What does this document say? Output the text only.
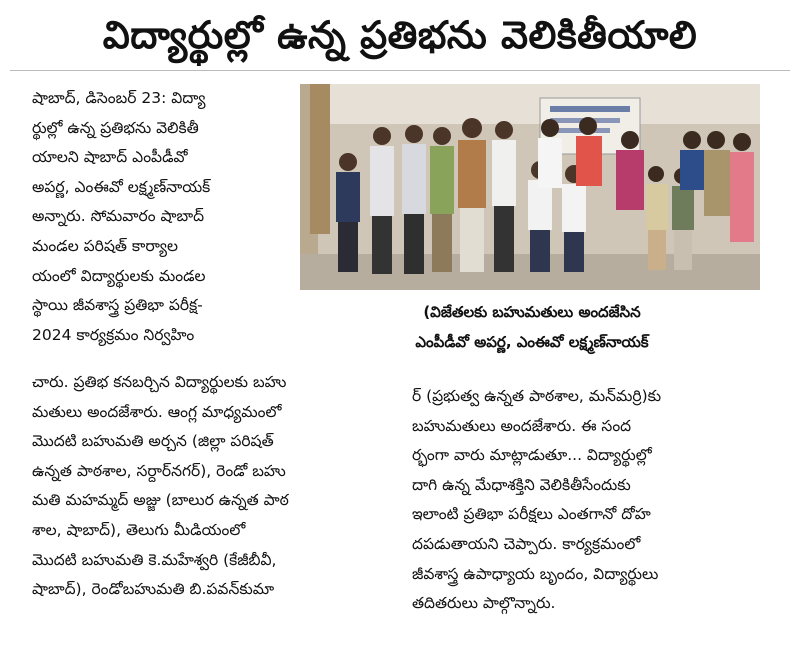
విద్యార్థుల్లో ఉన్న ప్రతిభను వెలికితీయాలి
షాబాద్, డిసెంబర్ 23: విద్యా
ర్థుల్లో ఉన్న ప్రతిభను వెలికితీ
యాలని షాబాద్ ఎంపీడీవో
అపర్ణ, ఎంఈవో లక్ష్మణ్‌నాయక్
అన్నారు. సోమవారం షాబాద్
మండల పరిషత్ కార్యాల
యంలో విద్యార్థులకు మండల
స్థాయి జీవశాస్త్ర ప్రతిభా పరీక్ష-
2024 కార్యక్రమం నిర్వహిం
(విజేతలకు బహుమతులు అందజేసిన
ఎంపీడీవో అపర్ణ, ఎంఈవో లక్ష్మణ్‌నాయక్
చారు. ప్రతిభ కనబర్చిన విద్యార్థులకు బహు
మతులు అందజేశారు. ఆంగ్ల మాధ్యమంలో
మొదటి బహుమతి అర్చన (జిల్లా పరిషత్
ఉన్నత పాఠశాల, సర్దార్‌నగర్), రెండో బహు
మతి మహమ్మద్ అజ్జు (బాలుర ఉన్నత పాఠ
శాల, షాబాద్), తెలుగు మీడియంలో
మొదటి బహుమతి కె.మహేశ్వరి (కేజీబీవీ,
షాబాద్), రెండోబహుమతి బి.పవన్‌కుమా
ర్ (ప్రభుత్వ ఉన్నత పాఠశాల, మన్‌మర్రి)కు
బహుమతులు అందజేశారు. ఈ సంద
ర్భంగా వారు మాట్లాడుతూ... విద్యార్థుల్లో
దాగి ఉన్న మేధాశక్తిని వెలికితీసేందుకు
ఇలాంటి ప్రతిభా పరీక్షలు ఎంతగానో దోహ
దపడుతాయని చెప్పారు. కార్యక్రమంలో
జీవశాస్త్ర ఉపాధ్యాయ బృందం, విద్యార్థులు
తదితరులు పాల్గొన్నారు.
